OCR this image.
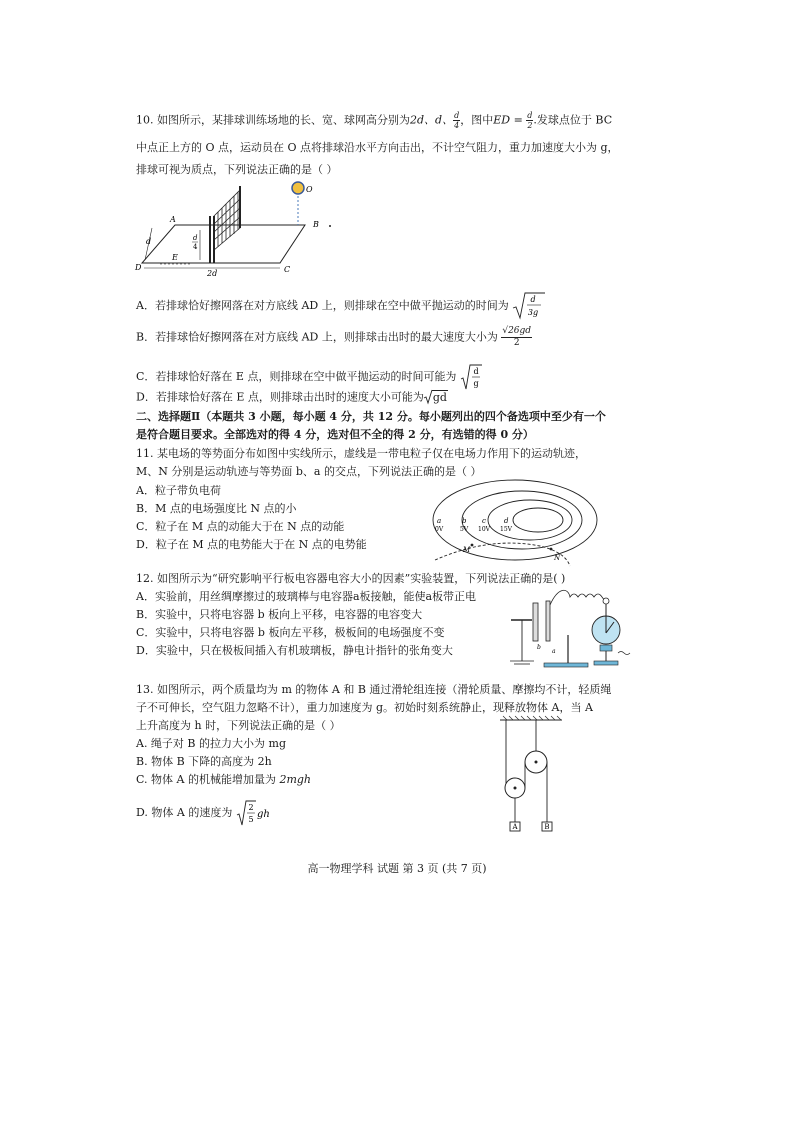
10. 如图所示，某排球训练场地的长、宽、球网高分别为2d、d、 $\frac{d}{4}$ ，图中ED = $\frac{d}{2}$ .发球点位于 BC
中点正上方的 O 点，运动员在 O 点将排球沿水平方向击出，不计空气阻力，重力加速度大小为 g，
排球可视为质点，下列说法正确的是（ ）
O
A
B
C
D
E
d	d
4
2d
A．若排球恰好擦网落在对方底线 AD 上，则排球在空中做平抛运动的时间为	d
3g
B．若排球恰好擦网落在对方底线 AD 上，则排球击出时的最大速度大小为 $\frac{√26gd}{2}$
C．若排球恰好落在 E 点，则排球在空中做平抛运动的时间可能为 d
g
D．若排球恰好落在 E 点，则排球击出时的速度大小可能为 gd
二、选择题Ⅱ（本题共 3 小题，每小题 4 分，共 12 分。每小题列出的四个备选项中至少有一个
是符合题目要求。全部选对的得 4 分，选对但不全的得 2 分，有选错的得 0 分）
11. 某电场的等势面分布如图中实线所示，虚线是一带电粒子仅在电场力作用下的运动轨迹，
M、N 分别是运动轨迹与等势面 b、a 的交点，下列说法正确的是（ ）
A．粒子带负电荷
B．M 点的电场强度比 N 点的小
C．粒子在 M 点的动能大于在 N 点的动能
D．粒子在 M 点的电势能大于在 N 点的电势能
a
0V
b
5V
c
10V
d
15V
M
N
12. 如图所示为“研究影响平行板电容器电容大小的因素”实验装置，下列说法正确的是( )
A．实验前，用丝绸摩擦过的玻璃棒与电容器a板接触，能使a板带正电
B．实验中，只将电容器 b 板向上平移，电容器的电容变大
C．实验中，只将电容器 b 板向左平移，极板间的电场强度不变
D．实验中，只在极板间插入有机玻璃板，静电计指针的张角变大	b
a
13. 如图所示，两个质量均为 m 的物体 A 和 B 通过滑轮组连接（滑轮质量、摩擦均不计，轻质绳
子不可伸长，空气阻力忽略不计），重力加速度为 g。初始时刻系统静止，现释放物体 A，当 A
上升高度为 h 时，下列说法正确的是（ ）
A. 绳子对 B 的拉力大小为 mg
B. 物体 B 下降的高度为 2h
C. 物体 A 的机械能增加量为 2mgh
D. 物体 A 的速度为 2
5 gh
A	B
高一物理学科 试题 第 3 页 (共 7 页)
